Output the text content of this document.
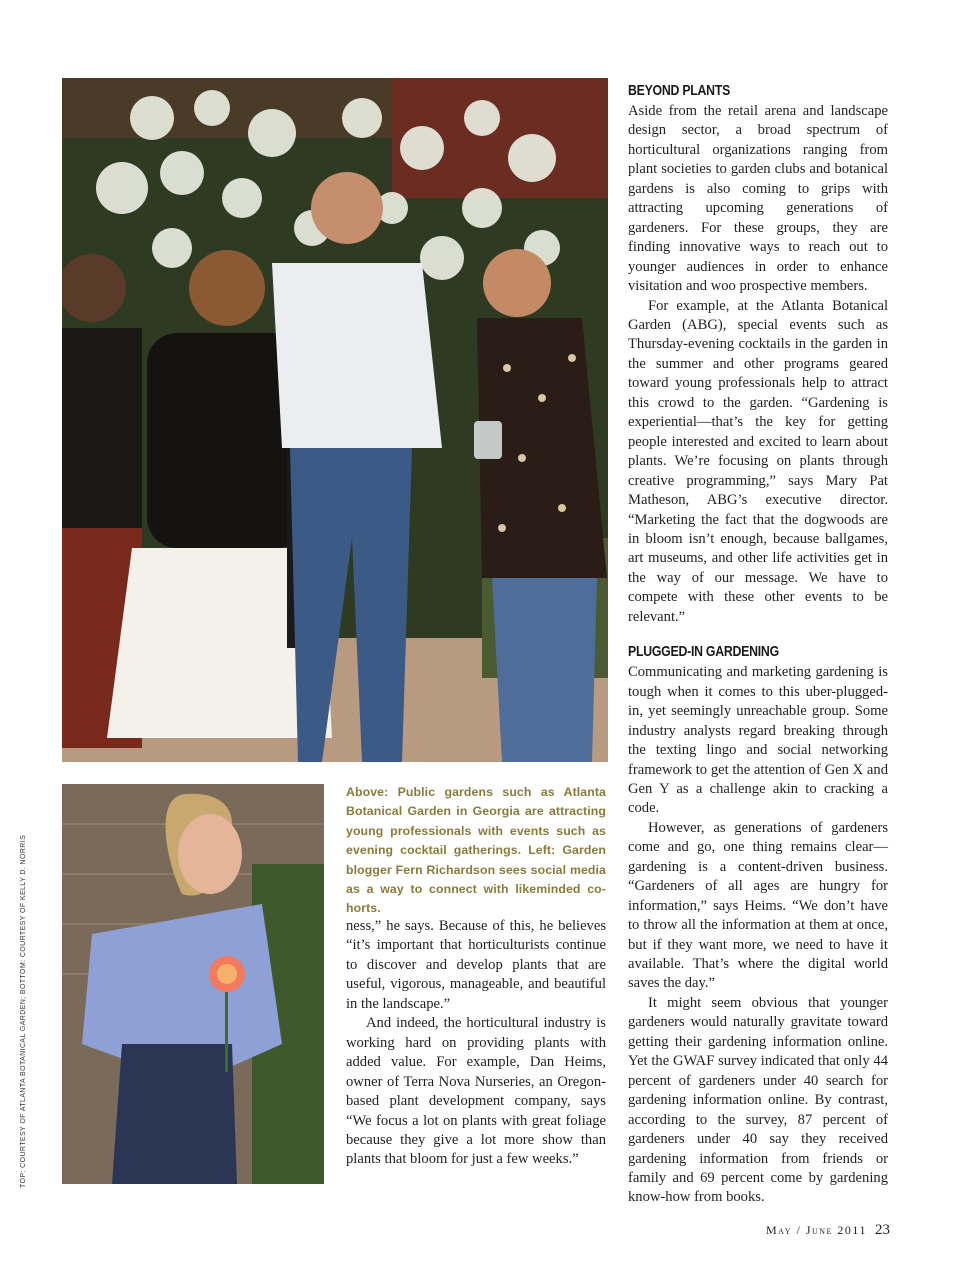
TOP: COURTESY OF ATLANTA BOTANICAL GARDEN; BOTTOM: COURTESY OF KELLY D. NORRIS
Above: Public gardens such as Atlanta Botanical Garden in Georgia are attracting young professionals with events such as evening cocktail gatherings. Left: Garden blogger Fern Richardson sees social media as a way to connect with likeminded co-horts.

ness,” he says. Because of this, he believes “it’s important that horticulturists continue to discover and develop plants that are useful, vigorous, manageable, and beautiful in the landscape.”

And indeed, the horticultural industry is working hard on providing plants with added value. For example, Dan Heims, owner of Terra Nova Nurseries, an Oregon-based plant development company, says “We focus a lot on plants with great foliage because they give a lot more show than plants that bloom for just a few weeks.”

BEYOND PLANTS

Aside from the retail arena and landscape design sector, a broad spectrum of horticultural organizations ranging from plant societies to garden clubs and botanical gardens is also coming to grips with attracting upcoming generations of gardeners. For these groups, they are finding innovative ways to reach out to younger audiences in order to enhance visitation and woo prospective members.

For example, at the Atlanta Botanical Garden (ABG), special events such as Thursday-evening cocktails in the garden in the summer and other programs geared toward young professionals help to attract this crowd to the garden. “Gardening is experiential—that’s the key for getting people interested and excited to learn about plants. We’re focusing on plants through creative programming,” says Mary Pat Matheson, ABG’s executive director. “Marketing the fact that the dogwoods are in bloom isn’t enough, because ballgames, art museums, and other life activities get in the way of our message. We have to compete with these other events to be relevant.”

PLUGGED-IN GARDENING

Communicating and marketing gardening is tough when it comes to this uber-plugged-in, yet seemingly unreachable group. Some industry analysts regard breaking through the texting lingo and social networking framework to get the attention of Gen X and Gen Y as a challenge akin to cracking a code.

However, as generations of gardeners come and go, one thing remains clear—gardening is a content-driven business. “Gardeners of all ages are hungry for information,” says Heims. “We don’t have to throw all the information at them at once, but if they want more, we need to have it available. That’s where the digital world saves the day.”

It might seem obvious that younger gardeners would naturally gravitate toward getting their gardening information online. Yet the GWAF survey indicated that only 44 percent of gardeners under 40 search for gardening information online. By contrast, according to the survey, 87 percent of gardeners under 40 say they received gardening information from friends or family and 69 percent come by gardening know-how from books.

May / June 2011 23
